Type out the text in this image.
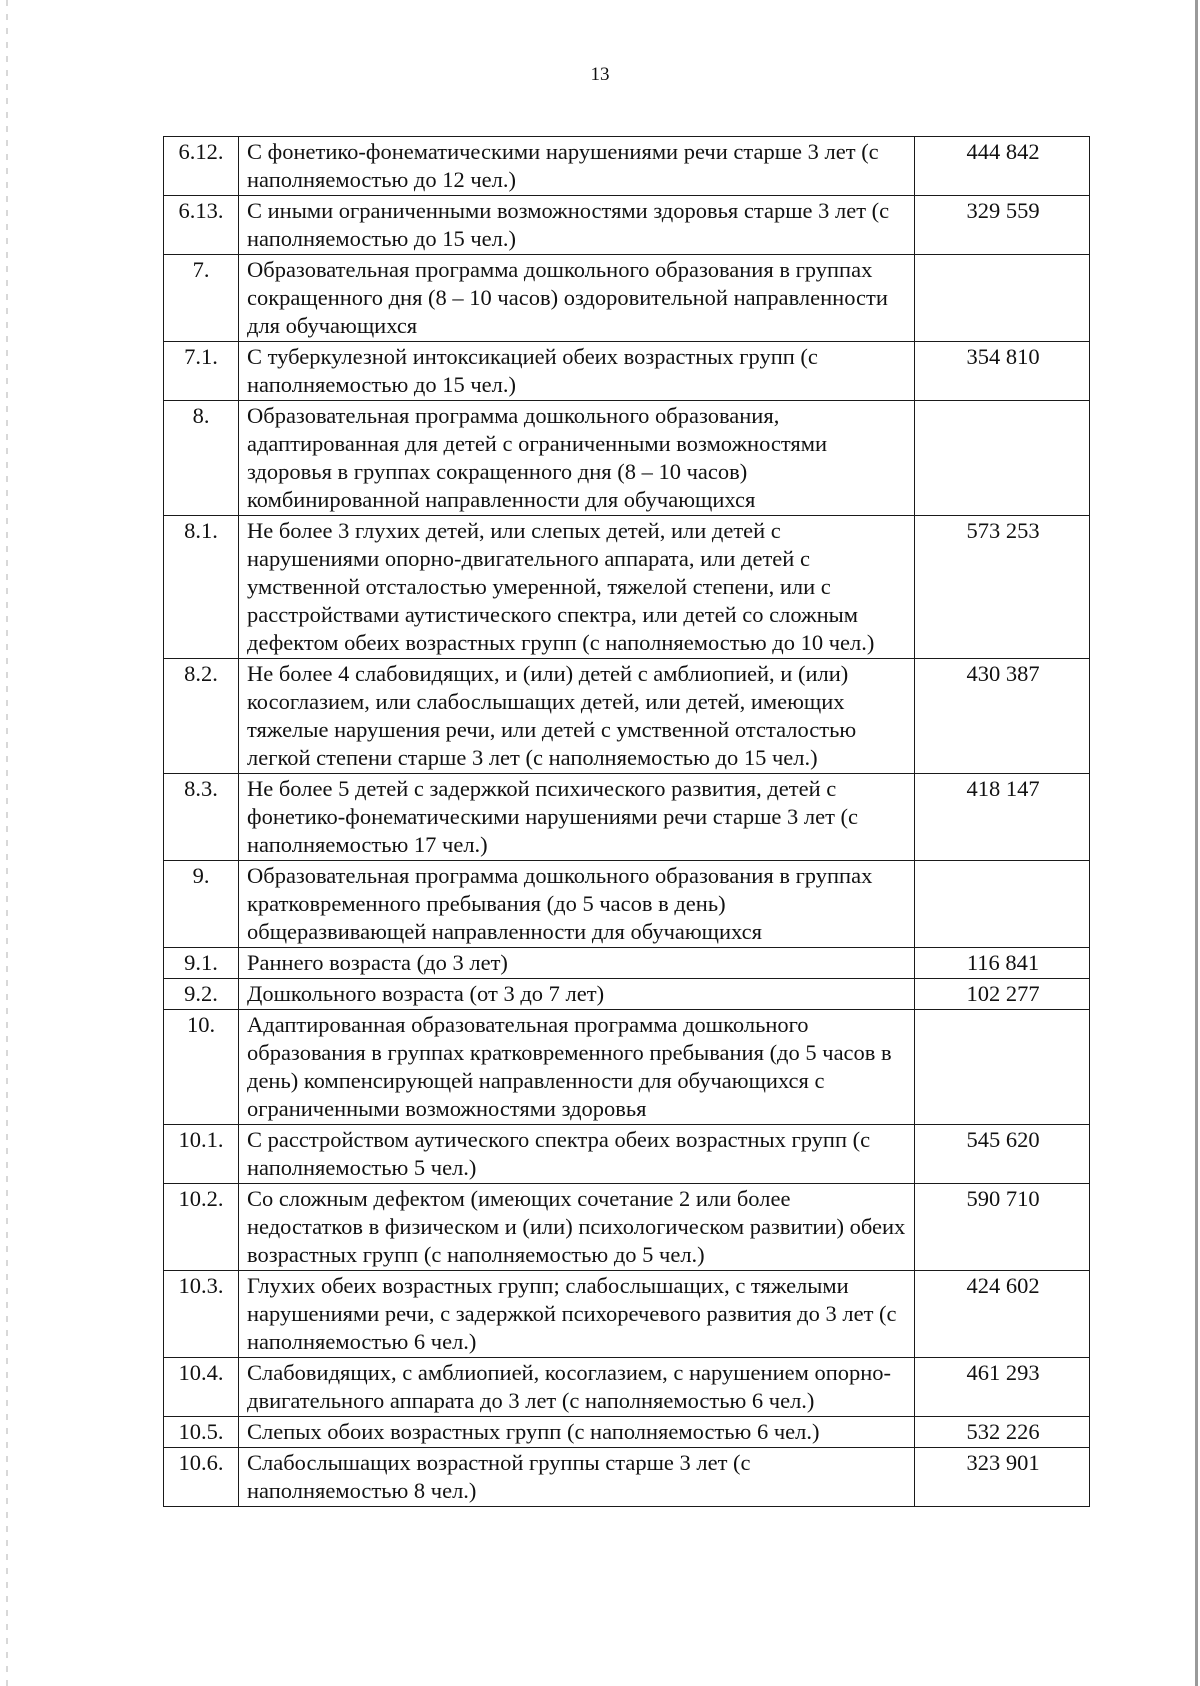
13
6.12.	С фонетико-фонематическими нарушениями речи старше 3 лет (с наполняемостью до 12 чел.)	444 842
6.13.	С иными ограниченными возможностями здоровья старше 3 лет (с наполняемостью до 15 чел.)	329 559
7.	Образовательная программа дошкольного образования в группах сокращенного дня (8 – 10 часов) оздоровительной направленности для обучающихся	
7.1.	С туберкулезной интоксикацией обеих возрастных групп (с наполняемостью до 15 чел.)	354 810
8.	Образовательная программа дошкольного образования, адаптированная для детей с ограниченными возможностями здоровья в группах сокращенного дня (8 – 10 часов) комбинированной направленности для обучающихся	
8.1.	Не более 3 глухих детей, или слепых детей, или детей с нарушениями опорно-двигательного аппарата, или детей с умственной отсталостью умеренной, тяжелой степени, или с расстройствами аутистического спектра, или детей со сложным дефектом обеих возрастных групп (с наполняемостью до 10 чел.)	573 253
8.2.	Не более 4 слабовидящих, и (или) детей с амблиопией, и (или) косоглазием, или слабослышащих детей, или детей, имеющих тяжелые нарушения речи, или детей с умственной отсталостью легкой степени старше 3 лет (с наполняемостью до 15 чел.)	430 387
8.3.	Не более 5 детей с задержкой психического развития, детей с фонетико-фонематическими нарушениями речи старше 3 лет (с наполняемостью 17 чел.)	418 147
9.	Образовательная программа дошкольного образования в группах кратковременного пребывания (до 5 часов в день) общеразвивающей направленности для обучающихся	
9.1.	Раннего возраста (до 3 лет)	116 841
9.2.	Дошкольного возраста (от 3 до 7 лет)	102 277
10.	Адаптированная образовательная программа дошкольного образования в группах кратковременного пребывания (до 5 часов в день) компенсирующей направленности для обучающихся с ограниченными возможностями здоровья	
10.1.	С расстройством аутического спектра обеих возрастных групп (с наполняемостью 5 чел.)	545 620
10.2.	Со сложным дефектом (имеющих сочетание 2 или более недостатков в физическом и (или) психологическом развитии) обеих возрастных групп (с наполняемостью до 5 чел.)	590 710
10.3.	Глухих обеих возрастных групп; слабослышащих, с тяжелыми нарушениями речи, с задержкой психоречевого развития до 3 лет (с наполняемостью 6 чел.)	424 602
10.4.	Слабовидящих, с амблиопией, косоглазием, с нарушением опорно-двигательного аппарата до 3 лет (с наполняемостью 6 чел.)	461 293
10.5.	Слепых обоих возрастных групп (с наполняемостью 6 чел.)	532 226
10.6.	Слабослышащих возрастной группы старше 3 лет (с наполняемостью 8 чел.)	323 901
